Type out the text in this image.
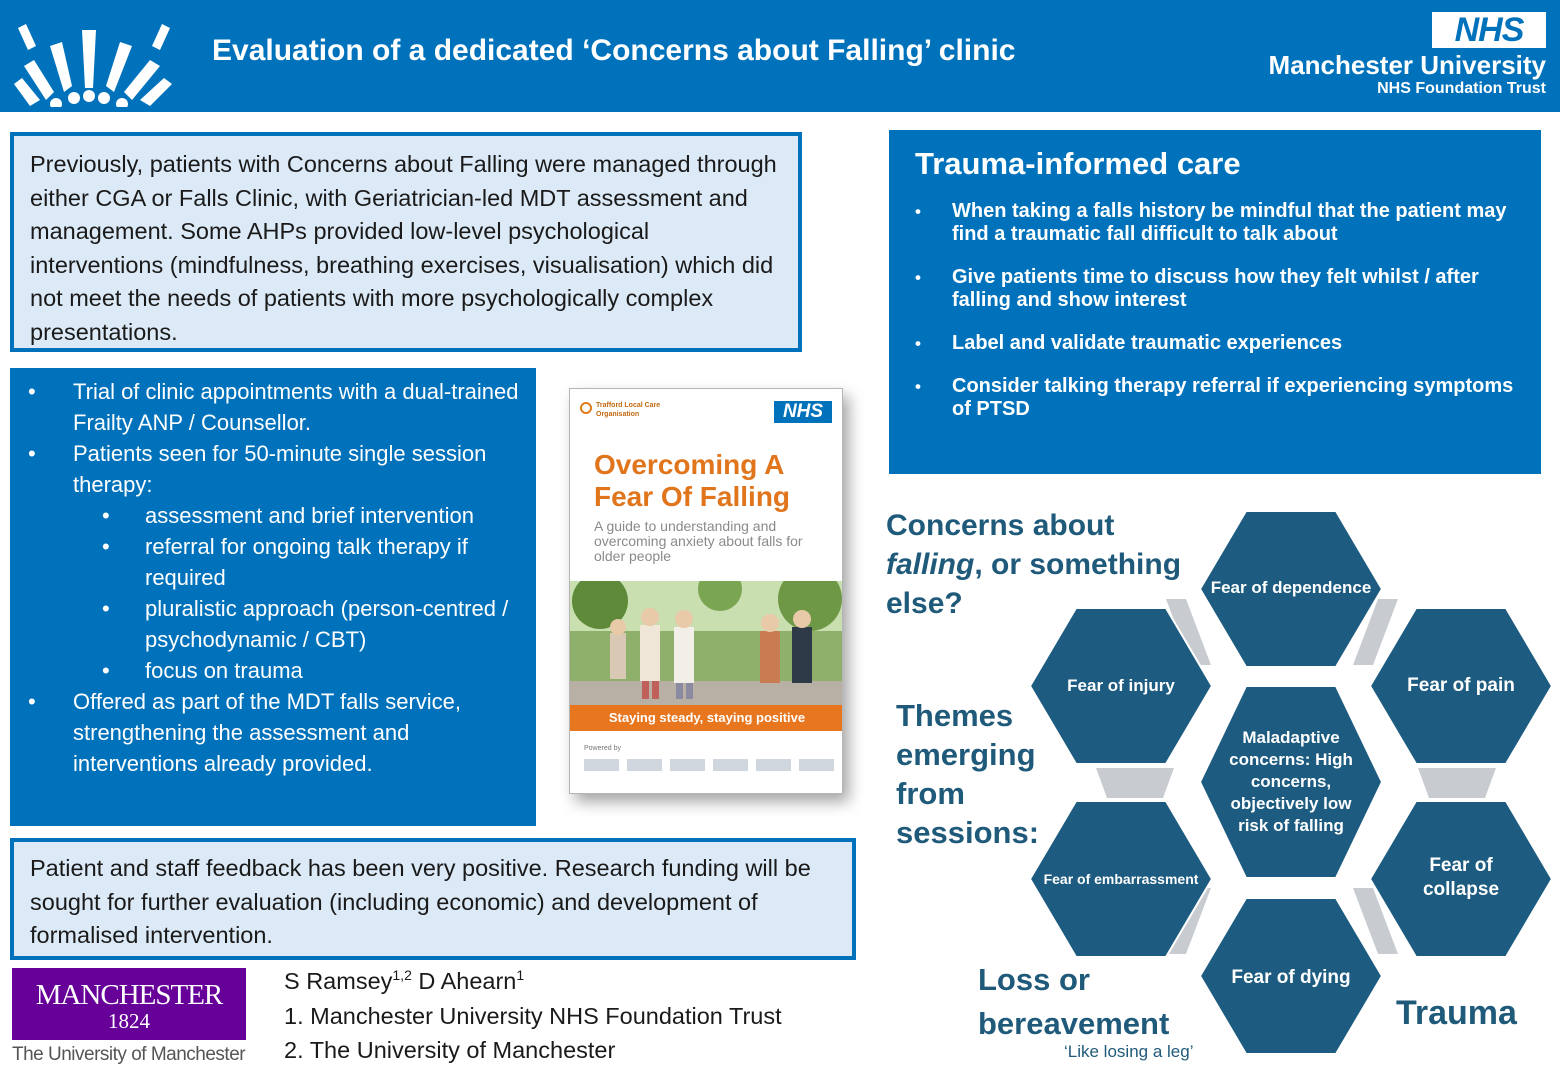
Evaluation of a dedicated ‘Concerns about Falling’ clinic
NHS
Manchester University
NHS Foundation Trust

Previously, patients with Concerns about Falling were managed through either CGA or Falls Clinic, with Geriatrician-led MDT assessment and management. Some AHPs provided low-level psychological interventions (mindfulness, breathing exercises, visualisation) which did not meet the needs of patients with more psychologically complex presentations.

• Trial of clinic appointments with a dual-trained Frailty ANP / Counsellor.
• Patients seen for 50-minute single session therapy:
• assessment and brief intervention
• referral for ongoing talk therapy if required
• pluralistic approach (person-centred / psychodynamic / CBT)
• focus on trauma
• Offered as part of the MDT falls service, strengthening the assessment and interventions already provided.
Trafford Local Care Organisation	NHS
Overcoming A Fear Of Falling
A guide to understanding and overcoming anxiety about falls for older people
Staying steady, staying positive
Powered by

Patient and staff feedback has been very positive. Research funding will be sought for further evaluation (including economic) and development of formalised intervention.

MANCHESTER
1824
The University of Manchester
S Ramsey$^{1,2}$ D Ahearn$^1$
1. Manchester University NHS Foundation Trust
2. The University of Manchester
Trauma-informed care
• When taking a falls history be mindful that the patient may find a traumatic fall difficult to talk about
• Give patients time to discuss how they felt whilst / after falling and show interest
• Label and validate traumatic experiences
• Consider talking therapy referral if experiencing symptoms of PTSD
Concerns about
falling, or something
else?
Themes
emerging
from
sessions:
Fear of dependence
Fear of pain
Fear of collapse
Fear of dying
Fear of embarrassment
Fear of injury
Maladaptive concerns: High concerns, objectively low risk of falling
Loss or
bereavement	Trauma
‘Like losing a leg’
